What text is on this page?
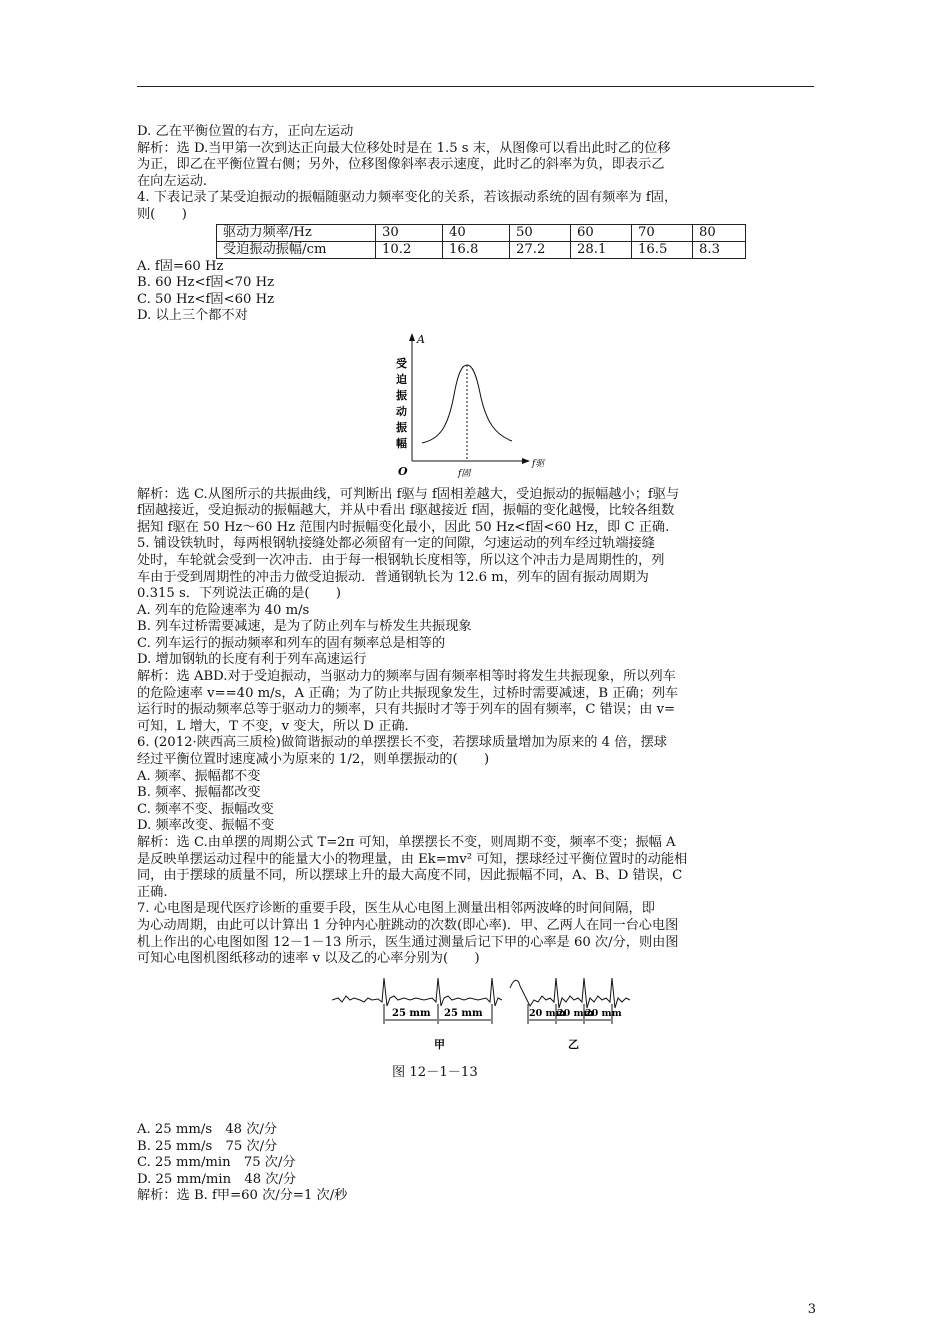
D. 乙在平衡位置的右方，正向左运动

解析：选 D.当甲第一次到达正向最大位移处时是在 1.5 s 末，从图像可以看出此时乙的位移

为正，即乙在平衡位置右侧；另外，位移图像斜率表示速度，此时乙的斜率为负，即表示乙

在向左运动.

4. 下表记录了某受迫振动的振幅随驱动力频率变化的关系，若该振动系统的固有频率为 f固，

则(　　)

驱动力频率/Hz	30	40	50	60	70	80
受迫振动振幅/cm	10.2	16.8	27.2	28.1	16.5	8.3

A. f固=60 Hz

B. 60 Hz<f固<70 Hz

C. 50 Hz<f固<60 Hz

D. 以上三个都不对

A
受
迫
振
动
振
幅
O	f固
f驱

解析：选 C.从图所示的共振曲线，可判断出 f驱与 f固相差越大，受迫振动的振幅越小；f驱与

f固越接近，受迫振动的振幅越大，并从中看出 f驱越接近 f固，振幅的变化越慢，比较各组数

据知 f驱在 50 Hz～60 Hz 范围内时振幅变化最小，因此 50 Hz<f固<60 Hz，即 C 正确.

5. 铺设铁轨时，每两根钢轨接缝处都必须留有一定的间隙，匀速运动的列车经过轨端接缝

处时，车轮就会受到一次冲击．由于每一根钢轨长度相等，所以这个冲击力是周期性的，列

车由于受到周期性的冲击力做受迫振动．普通钢轨长为 12.6 m，列车的固有振动周期为

0.315 s．下列说法正确的是(　　)

A. 列车的危险速率为 40 m/s

B. 列车过桥需要减速，是为了防止列车与桥发生共振现象

C. 列车运行的振动频率和列车的固有频率总是相等的

D. 增加钢轨的长度有利于列车高速运行

解析：选 ABD.对于受迫振动，当驱动力的频率与固有频率相等时将发生共振现象，所以列车

的危险速率 v==40 m/s，A 正确；为了防止共振现象发生，过桥时需要减速，B 正确；列车

运行时的振动频率总等于驱动力的频率，只有共振时才等于列车的固有频率，C 错误；由 v=

可知，L 增大，T 不变，v 变大，所以 D 正确.

6. (2012·陕西高三质检)做简谐振动的单摆摆长不变，若摆球质量增加为原来的 4 倍，摆球

经过平衡位置时速度减小为原来的 1/2，则单摆振动的(　　)

A. 频率、振幅都不变

B. 频率、振幅都改变

C. 频率不变、振幅改变

D. 频率改变、振幅不变

解析：选 C.由单摆的周期公式 T=2π 可知，单摆摆长不变，则周期不变，频率不变；振幅 A

是反映单摆运动过程中的能量大小的物理量，由 Ek=mv² 可知，摆球经过平衡位置时的动能相

同，由于摆球的质量不同，所以摆球上升的最大高度不同，因此振幅不同，A、B、D 错误，C

正确.

7. 心电图是现代医疗诊断的重要手段，医生从心电图上测量出相邻两波峰的时间间隔，即

为心动周期，由此可以计算出 1 分钟内心脏跳动的次数(即心率)．甲、乙两人在同一台心电图

机上作出的心电图如图 12－1－13 所示，医生通过测量后记下甲的心率是 60 次/分，则由图

可知心电图机图纸移动的速率 v 以及乙的心率分别为(　　)

25 mm 25 mm
甲
20 mm
20 mm
20 mm
乙

图 12－1－13

A. 25 mm/s　48 次/分

B. 25 mm/s　75 次/分

C. 25 mm/min　75 次/分

D. 25 mm/min　48 次/分

解析：选 B. f甲=60 次/分=1 次/秒

3
